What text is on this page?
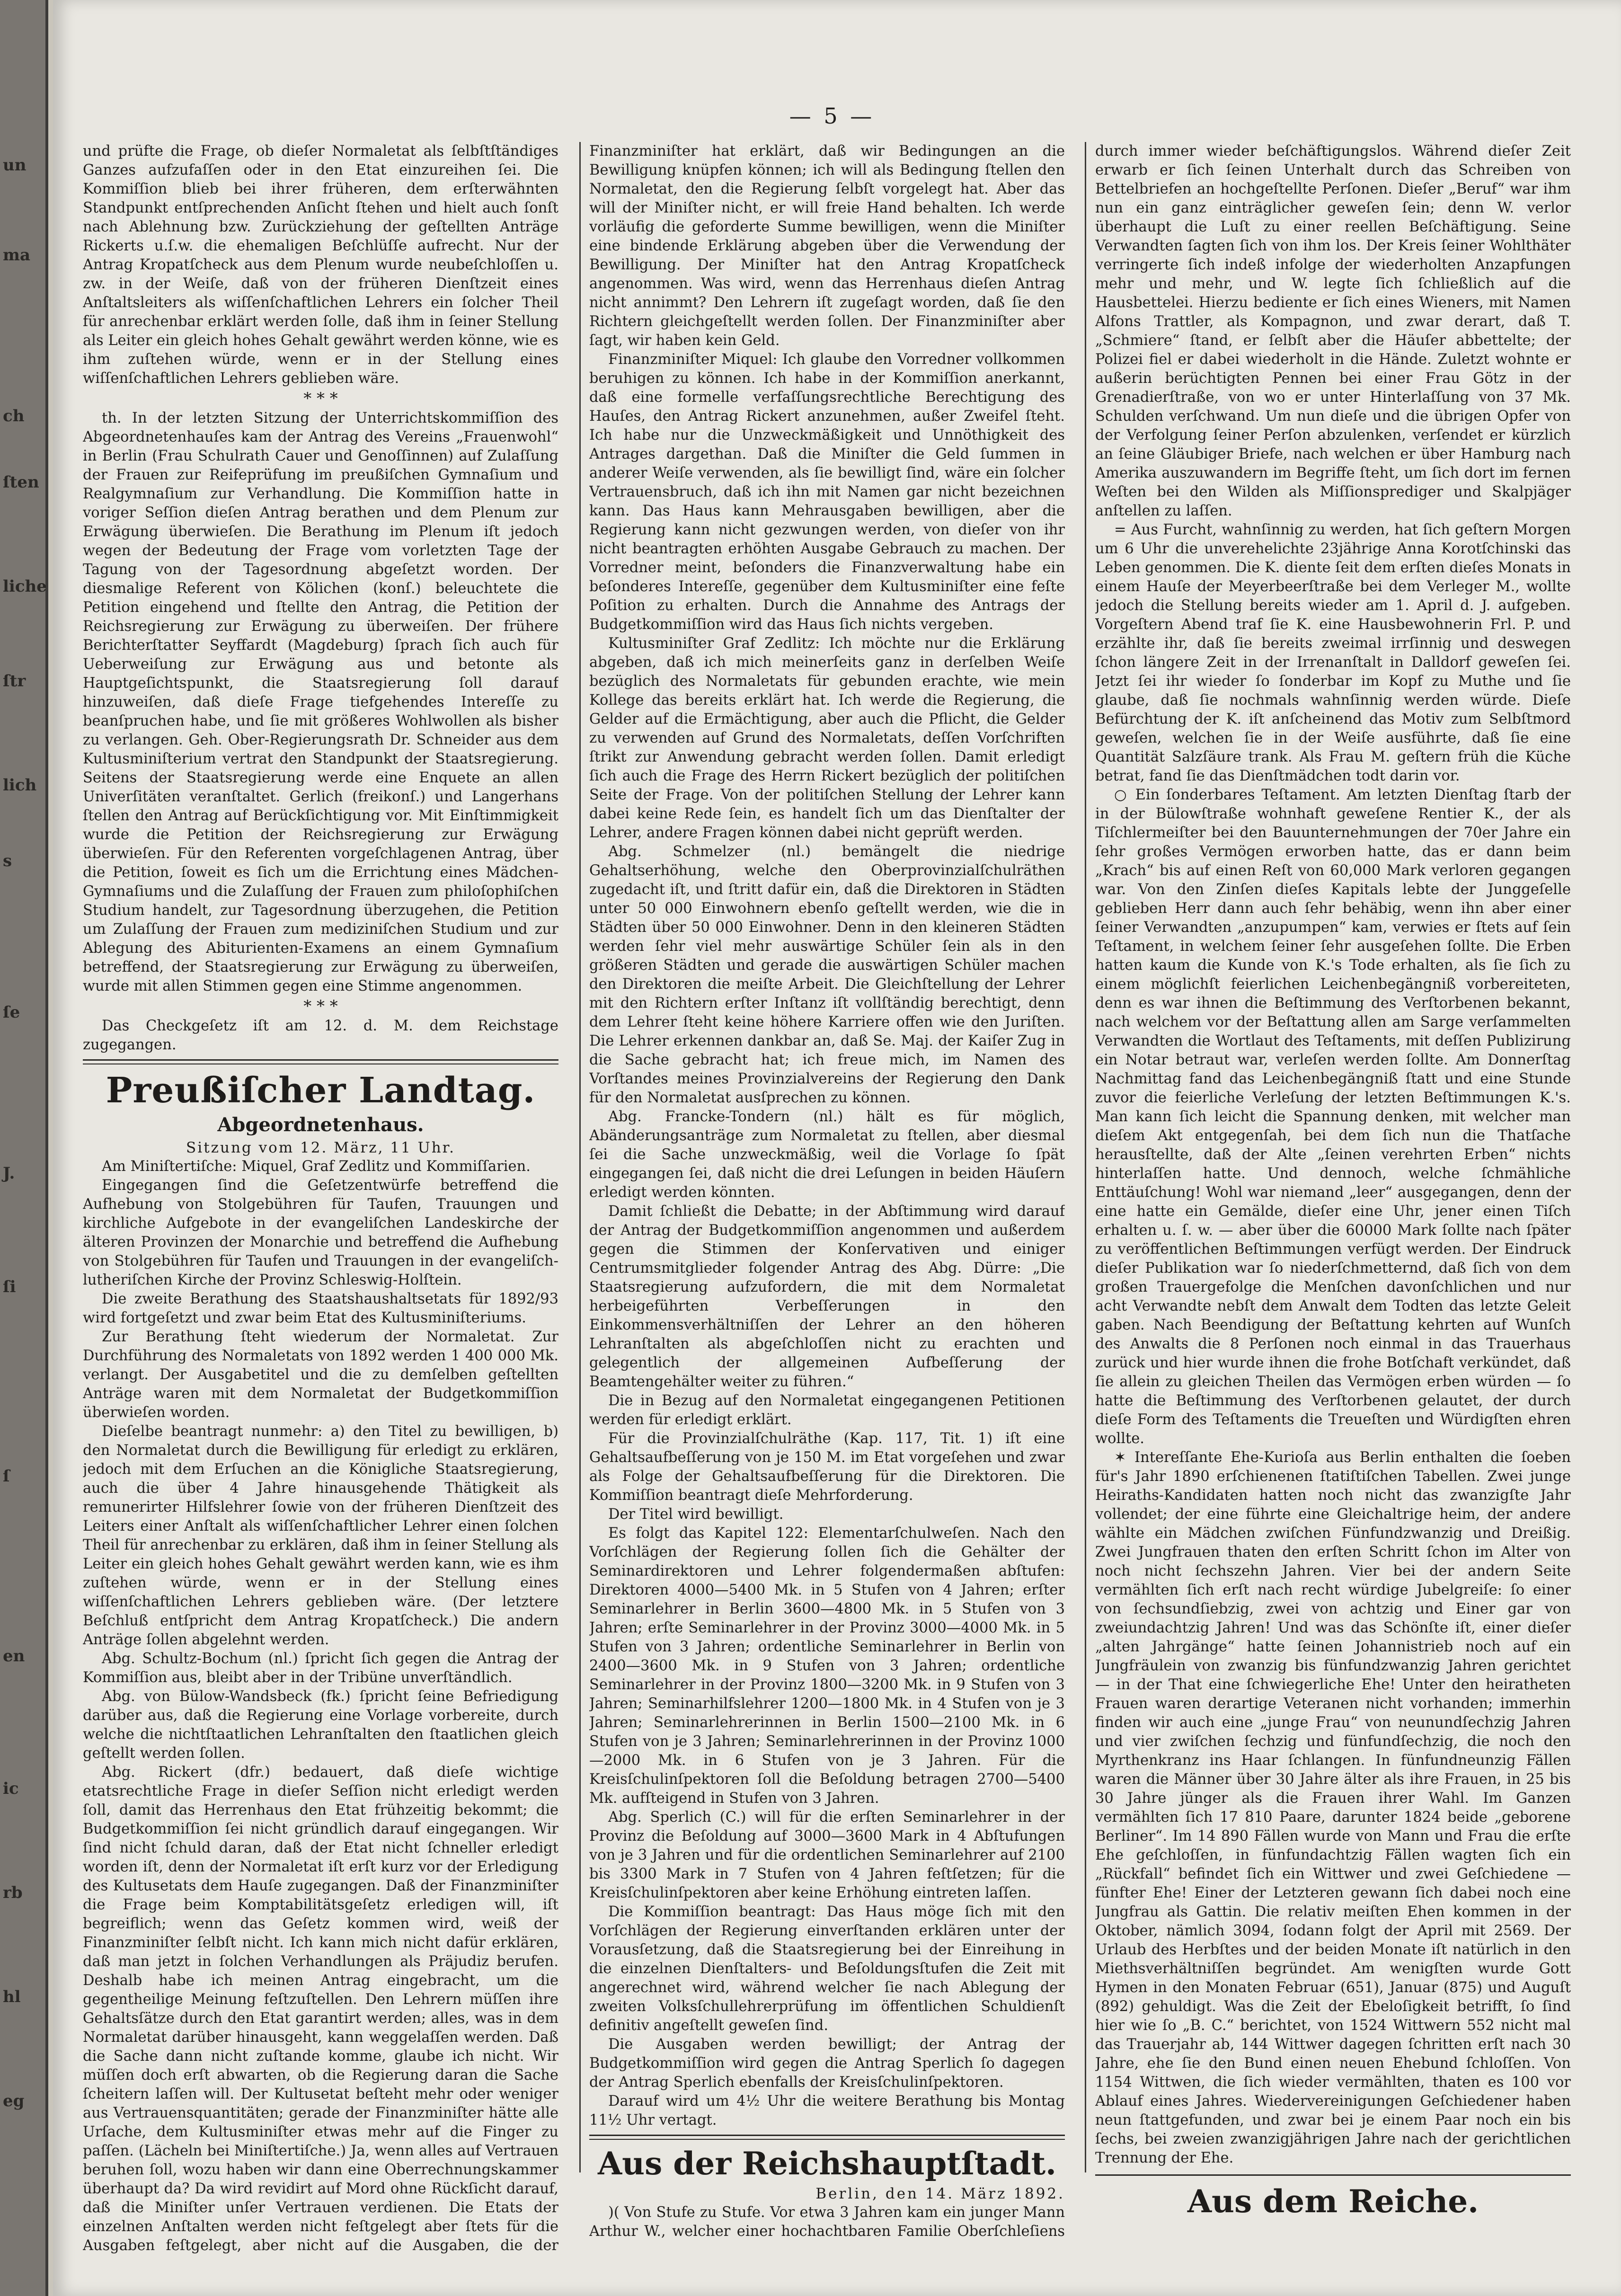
un
ma
ch
ſten
liche
ſtr
lich
s
ſe
J.
ſi
ſ
en
ic
rb
hl
eg
— 5 —

und prüfte die Frage, ob dieſer Normaletat als ſelbſtſtändiges Ganzes aufzufaſſen oder in den Etat einzureihen ſei. Die Kommiſſion blieb bei ihrer früheren, dem erſterwähnten Standpunkt entſprechenden Anſicht ſtehen und hielt auch ſonſt nach Ablehnung bzw. Zurückziehung der geſtellten Anträge Rickerts u.ſ.w. die ehemaligen Beſchlüſſe aufrecht. Nur der Antrag Kropatſcheck aus dem Plenum wurde neubeſchloſſen u. zw. in der Weiſe, daß von der früheren Dienſtzeit eines Anſtaltsleiters als wiſſenſchaftlichen Lehrers ein ſolcher Theil für anrechenbar erklärt werden ſolle, daß ihm in ſeiner Stellung als Leiter ein gleich hohes Gehalt gewährt werden könne, wie es ihm zuſtehen würde, wenn er in der Stellung eines wiſſenſchaftlichen Lehrers geblieben wäre.

* * *

th. In der letzten Sitzung der Unterrichtskommiſſion des Abgeordnetenhauſes kam der Antrag des Vereins „Frauenwohl“ in Berlin (Frau Schulrath Cauer und Genoſſinnen) auf Zulaſſung der Frauen zur Reifeprüfung im preußiſchen Gymnaſium und Realgymnaſium zur Verhandlung. Die Kommiſſion hatte in voriger Seſſion dieſen Antrag berathen und dem Plenum zur Erwägung überwieſen. Die Berathung im Plenum iſt jedoch wegen der Bedeutung der Frage vom vorletzten Tage der Tagung von der Tagesordnung abgeſetzt worden. Der diesmalige Referent von Kölichen (konſ.) beleuchtete die Petition eingehend und ſtellte den Antrag, die Petition der Reichsregierung zur Erwägung zu überweiſen. Der frühere Berichterſtatter Seyffardt (Magdeburg) ſprach ſich auch für Ueberweiſung zur Erwägung aus und betonte als Hauptgeſichtspunkt, die Staatsregierung ſoll darauf hinzuweiſen, daß dieſe Frage tiefgehendes Intereſſe zu beanſpruchen habe, und ſie mit größeres Wohlwollen als bisher zu verlangen. Geh. Ober-Regierungsrath Dr. Schneider aus dem Kultusminiſterium vertrat den Standpunkt der Staatsregierung. Seitens der Staatsregierung werde eine Enquete an allen Univerſitäten veranſtaltet. Gerlich (freikonſ.) und Langerhans ſtellen den Antrag auf Berückſichtigung vor. Mit Einſtimmigkeit wurde die Petition der Reichsregierung zur Erwägung überwieſen. Für den Referenten vorgeſchlagenen Antrag, über die Petition, ſoweit es ſich um die Errichtung eines Mädchen-Gymnaſiums und die Zulaſſung der Frauen zum philoſophiſchen Studium handelt, zur Tagesordnung überzugehen, die Petition um Zulaſſung der Frauen zum mediziniſchen Studium und zur Ablegung des Abiturienten-Examens an einem Gymnaſium betreffend, der Staatsregierung zur Erwägung zu überweiſen, wurde mit allen Stimmen gegen eine Stimme angenommen.

* * *

Das Checkgeſetz iſt am 12. d. M. dem Reichstage zugegangen.

Preußiſcher Landtag.
Abgeordnetenhaus.
Sitzung vom 12. März, 11 Uhr.

Am Miniſtertiſche: Miquel, Graf Zedlitz und Kommiſſarien.

Eingegangen ſind die Geſetzentwürfe betreffend die Aufhebung von Stolgebühren für Taufen, Trauungen und kirchliche Aufgebote in der evangeliſchen Landeskirche der älteren Provinzen der Monarchie und betreffend die Aufhebung von Stolgebühren für Taufen und Trauungen in der evangeliſch-lutheriſchen Kirche der Provinz Schleswig-Holſtein.

Die zweite Berathung des Staatshaushaltsetats für 1892/93 wird fortgeſetzt und zwar beim Etat des Kultusminiſteriums.

Zur Berathung ſteht wiederum der Normaletat. Zur Durchführung des Normaletats von 1892 werden 1 400 000 Mk. verlangt. Der Ausgabetitel und die zu demſelben geſtellten Anträge waren mit dem Normaletat der Budgetkommiſſion überwieſen worden.

Dieſelbe beantragt nunmehr: a) den Titel zu bewilligen, b) den Normaletat durch die Bewilligung für erledigt zu erklären, jedoch mit dem Erſuchen an die Königliche Staatsregierung, auch die über 4 Jahre hinausgehende Thätigkeit als remunerirter Hilfslehrer ſowie von der früheren Dienſtzeit des Leiters einer Anſtalt als wiſſenſchaftlicher Lehrer einen ſolchen Theil für anrechenbar zu erklären, daß ihm in ſeiner Stellung als Leiter ein gleich hohes Gehalt gewährt werden kann, wie es ihm zuſtehen würde, wenn er in der Stellung eines wiſſenſchaftlichen Lehrers geblieben wäre. (Der letztere Beſchluß entſpricht dem Antrag Kropatſcheck.) Die andern Anträge ſollen abgelehnt werden.

Abg. Schultz-Bochum (nl.) ſpricht ſich gegen die Antrag der Kommiſſion aus, bleibt aber in der Tribüne unverſtändlich.

Abg. von Bülow-Wandsbeck (fk.) ſpricht ſeine Befriedigung darüber aus, daß die Regierung eine Vorlage vorbereite, durch welche die nichtſtaatlichen Lehranſtalten den ſtaatlichen gleich geſtellt werden ſollen.

Abg. Rickert (dfr.) bedauert, daß dieſe wichtige etatsrechtliche Frage in dieſer Seſſion nicht erledigt werden ſoll, damit das Herrenhaus den Etat frühzeitig bekommt; die Budgetkommiſſion ſei nicht gründlich darauf eingegangen. Wir ſind nicht ſchuld daran, daß der Etat nicht ſchneller erledigt worden iſt, denn der Normaletat iſt erſt kurz vor der Erledigung des Kultusetats dem Hauſe zugegangen. Daß der Finanzminiſter die Frage beim Komptabilitätsgeſetz erledigen will, iſt begreiflich; wenn das Geſetz kommen wird, weiß der Finanzminiſter ſelbſt nicht. Ich kann mich nicht dafür erklären, daß man jetzt in ſolchen Verhandlungen als Präjudiz berufen. Deshalb habe ich meinen Antrag eingebracht, um die gegentheilige Meinung feſtzuſtellen. Den Lehrern müſſen ihre Gehaltsſätze durch den Etat garantirt werden; alles, was in dem Normaletat darüber hinausgeht, kann weggelaſſen werden. Daß die Sache dann nicht zuſtande komme, glaube ich nicht. Wir müſſen doch erſt abwarten, ob die Regierung daran die Sache ſcheitern laſſen will. Der Kultusetat beſteht mehr oder weniger aus Vertrauensquantitäten; gerade der Finanzminiſter hätte alle Urſache, dem Kultusminiſter etwas mehr auf die Finger zu paſſen. (Lächeln bei Miniſtertiſche.) Ja, wenn alles auf Vertrauen beruhen ſoll, wozu haben wir dann eine Oberrechnungskammer überhaupt da? Da wird revidirt auf Mord ohne Rückſicht darauf, daß die Miniſter unſer Vertrauen verdienen. Die Etats der einzelnen Anſtalten werden nicht feſtgelegt aber ſtets für die Ausgaben feſtgelegt, aber nicht auf die Ausgaben, die der

Finanzminiſter hat erklärt, daß wir Bedingungen an die Bewilligung knüpfen können; ich will als Bedingung ſtellen den Normaletat, den die Regierung ſelbſt vorgelegt hat. Aber das will der Miniſter nicht, er will freie Hand behalten. Ich werde vorläufig die geforderte Summe bewilligen, wenn die Miniſter eine bindende Erklärung abgeben über die Verwendung der Bewilligung. Der Miniſter hat den Antrag Kropatſcheck angenommen. Was wird, wenn das Herrenhaus dieſen Antrag nicht annimmt? Den Lehrern iſt zugeſagt worden, daß ſie den Richtern gleichgeſtellt werden ſollen. Der Finanzminiſter aber ſagt, wir haben kein Geld.

Finanzminiſter Miquel: Ich glaube den Vorredner vollkommen beruhigen zu können. Ich habe in der Kommiſſion anerkannt, daß eine formelle verfaſſungsrechtliche Berechtigung des Hauſes, den Antrag Rickert anzunehmen, außer Zweifel ſteht. Ich habe nur die Unzweckmäßigkeit und Unnöthigkeit des Antrages dargethan. Daß die Miniſter die Geld ſummen in anderer Weiſe verwenden, als ſie bewilligt ſind, wäre ein ſolcher Vertrauensbruch, daß ich ihn mit Namen gar nicht bezeichnen kann. Das Haus kann Mehrausgaben bewilligen, aber die Regierung kann nicht gezwungen werden, von dieſer von ihr nicht beantragten erhöhten Ausgabe Gebrauch zu machen. Der Vorredner meint, beſonders die Finanzverwaltung habe ein beſonderes Intereſſe, gegenüber dem Kultusminiſter eine feſte Poſition zu erhalten. Durch die Annahme des Antrags der Budgetkommiſſion wird das Haus ſich nichts vergeben.

Kultusminiſter Graf Zedlitz: Ich möchte nur die Erklärung abgeben, daß ich mich meinerſeits ganz in derſelben Weiſe bezüglich des Normaletats für gebunden erachte, wie mein Kollege das bereits erklärt hat. Ich werde die Regierung, die Gelder auf die Ermächtigung, aber auch die Pflicht, die Gelder zu verwenden auf Grund des Normaletats, deſſen Vorſchriften ſtrikt zur Anwendung gebracht werden ſollen. Damit erledigt ſich auch die Frage des Herrn Rickert bezüglich der politiſchen Seite der Frage. Von der politiſchen Stellung der Lehrer kann dabei keine Rede ſein, es handelt ſich um das Dienſtalter der Lehrer, andere Fragen können dabei nicht geprüft werden.

Abg. Schmelzer (nl.) bemängelt die niedrige Gehaltserhöhung, welche den Oberprovinzialſchulräthen zugedacht iſt, und ſtritt dafür ein, daß die Direktoren in Städten unter 50 000 Einwohnern ebenſo geſtellt werden, wie die in Städten über 50 000 Einwohner. Denn in den kleineren Städten werden ſehr viel mehr auswärtige Schüler ſein als in den größeren Städten und gerade die auswärtigen Schüler machen den Direktoren die meiſte Arbeit. Die Gleichſtellung der Lehrer mit den Richtern erſter Inſtanz iſt vollſtändig berechtigt, denn dem Lehrer ſteht keine höhere Karriere offen wie den Juriſten. Die Lehrer erkennen dankbar an, daß Se. Maj. der Kaiſer Zug in die Sache gebracht hat; ich freue mich, im Namen des Vorſtandes meines Provinzialvereins der Regierung den Dank für den Normaletat ausſprechen zu können.

Abg. Francke-Tondern (nl.) hält es für möglich, Abänderungsanträge zum Normaletat zu ſtellen, aber diesmal ſei die Sache unzweckmäßig, weil die Vorlage ſo ſpät eingegangen ſei, daß nicht die drei Leſungen in beiden Häuſern erledigt werden könnten.

Damit ſchließt die Debatte; in der Abſtimmung wird darauf der Antrag der Budgetkommiſſion angenommen und außerdem gegen die Stimmen der Konſervativen und einiger Centrumsmitglieder folgender Antrag des Abg. Dürre: „Die Staatsregierung aufzufordern, die mit dem Normaletat herbeigeführten Verbeſſerungen in den Einkommensverhältniſſen der Lehrer an den höheren Lehranſtalten als abgeſchloſſen nicht zu erachten und gelegentlich der allgemeinen Aufbeſſerung der Beamtengehälter weiter zu führen.“

Die in Bezug auf den Normaletat eingegangenen Petitionen werden für erledigt erklärt.

Für die Provinzialſchulräthe (Kap. 117, Tit. 1) iſt eine Gehaltsaufbeſſerung von je 150 M. im Etat vorgeſehen und zwar als Folge der Gehaltsaufbeſſerung für die Direktoren. Die Kommiſſion beantragt dieſe Mehrforderung.

Der Titel wird bewilligt.

Es folgt das Kapitel 122: Elementarſchulweſen. Nach den Vorſchlägen der Regierung ſollen ſich die Gehälter der Seminardirektoren und Lehrer folgendermaßen abſtufen: Direktoren 4000—5400 Mk. in 5 Stufen von 4 Jahren; erſter Seminarlehrer in Berlin 3600—4800 Mk. in 5 Stufen von 3 Jahren; erſte Seminarlehrer in der Provinz 3000—4000 Mk. in 5 Stufen von 3 Jahren; ordentliche Seminarlehrer in Berlin von 2400—3600 Mk. in 9 Stufen von 3 Jahren; ordentliche Seminarlehrer in der Provinz 1800—3200 Mk. in 9 Stufen von 3 Jahren; Seminarhilfslehrer 1200—1800 Mk. in 4 Stufen von je 3 Jahren; Seminarlehrerinnen in Berlin 1500—2100 Mk. in 6 Stufen von je 3 Jahren; Seminarlehrerinnen in der Provinz 1000—2000 Mk. in 6 Stufen von je 3 Jahren. Für die Kreisſchulinſpektoren ſoll die Beſoldung betragen 2700—5400 Mk. aufſteigend in Stufen von 3 Jahren.

Abg. Sperlich (C.) will für die erſten Seminarlehrer in der Provinz die Beſoldung auf 3000—3600 Mark in 4 Abſtufungen von je 3 Jahren und für die ordentlichen Seminarlehrer auf 2100 bis 3300 Mark in 7 Stufen von 4 Jahren feſtſetzen; für die Kreisſchulinſpektoren aber keine Erhöhung eintreten laſſen.

Die Kommiſſion beantragt: Das Haus möge ſich mit den Vorſchlägen der Regierung einverſtanden erklären unter der Vorausſetzung, daß die Staatsregierung bei der Einreihung in die einzelnen Dienſtalters- und Beſoldungsſtufen die Zeit mit angerechnet wird, während welcher ſie nach Ablegung der zweiten Volksſchullehrerprüfung im öffentlichen Schuldienſt definitiv angeſtellt geweſen ſind.

Die Ausgaben werden bewilligt; der Antrag der Budgetkommiſſion wird gegen die Antrag Sperlich ſo dagegen der Antrag Sperlich ebenfalls der Kreisſchulinſpektoren.

Darauf wird um 4½ Uhr die weitere Berathung bis Montag 11½ Uhr vertagt.

Aus der Reichshauptſtadt.
Berlin, den 14. März 1892.

)( Von Stufe zu Stufe. Vor etwa 3 Jahren kam ein junger Mann Arthur W., welcher einer hochachtbaren Familie Oberſchleſiens

durch immer wieder beſchäftigungslos. Während dieſer Zeit erwarb er ſich ſeinen Unterhalt durch das Schreiben von Bettelbriefen an hochgeſtellte Perſonen. Dieſer „Beruf“ war ihm nun ein ganz einträglicher geweſen ſein; denn W. verlor überhaupt die Luſt zu einer reellen Beſchäftigung. Seine Verwandten ſagten ſich von ihm los. Der Kreis ſeiner Wohlthäter verringerte ſich indeß infolge der wiederholten Anzapfungen mehr und mehr, und W. legte ſich ſchließlich auf die Hausbettelei. Hierzu bediente er ſich eines Wieners, mit Namen Alfons Trattler, als Kompagnon, und zwar derart, daß T. „Schmiere“ ſtand, er ſelbſt aber die Häuſer abbettelte; der Polizei fiel er dabei wiederholt in die Hände. Zuletzt wohnte er außerin berüchtigten Pennen bei einer Frau Götz in der Grenadierſtraße, von wo er unter Hinterlaſſung von 37 Mk. Schulden verſchwand. Um nun dieſe und die übrigen Opfer von der Verfolgung ſeiner Perſon abzulenken, verſendet er kürzlich an ſeine Gläubiger Briefe, nach welchen er über Hamburg nach Amerika auszuwandern im Begriffe ſteht, um ſich dort im fernen Weſten bei den Wilden als Miſſionsprediger und Skalpjäger anſtellen zu laſſen.

= Aus Furcht, wahnſinnig zu werden, hat ſich geſtern Morgen um 6 Uhr die unverehelichte 23jährige Anna Korotſchinski das Leben genommen. Die K. diente ſeit dem erſten dieſes Monats in einem Hauſe der Meyerbeerſtraße bei dem Verleger M., wollte jedoch die Stellung bereits wieder am 1. April d. J. aufgeben. Vorgeſtern Abend traf ſie K. eine Hausbewohnerin Frl. P. und erzählte ihr, daß ſie bereits zweimal irrſinnig und deswegen ſchon längere Zeit in der Irrenanſtalt in Dalldorf geweſen ſei. Jetzt ſei ihr wieder ſo ſonderbar im Kopf zu Muthe und ſie glaube, daß ſie nochmals wahnſinnig werden würde. Dieſe Befürchtung der K. iſt anſcheinend das Motiv zum Selbſtmord geweſen, welchen ſie in der Weiſe ausführte, daß ſie eine Quantität Salzſäure trank. Als Frau M. geſtern früh die Küche betrat, fand ſie das Dienſtmädchen todt darin vor.

○ Ein ſonderbares Teſtament. Am letzten Dienſtag ſtarb der in der Bülowſtraße wohnhaft geweſene Rentier K., der als Tiſchlermeiſter bei den Bauunternehmungen der 70er Jahre ein ſehr großes Vermögen erworben hatte, das er dann beim „Krach“ bis auf einen Reſt von 60,000 Mark verloren gegangen war. Von den Zinſen dieſes Kapitals lebte der Junggeſelle geblieben Herr dann auch ſehr behäbig, wenn ihn aber einer ſeiner Verwandten „anzupumpen“ kam, verwies er ſtets auf ſein Teſtament, in welchem ſeiner ſehr ausgeſehen ſollte. Die Erben hatten kaum die Kunde von K.'s Tode erhalten, als ſie ſich zu einem möglichſt feierlichen Leichenbegängniß vorbereiteten, denn es war ihnen die Beſtimmung des Verſtorbenen bekannt, nach welchem vor der Beſtattung allen am Sarge verſammelten Verwandten die Wortlaut des Teſtaments, mit deſſen Publizirung ein Notar betraut war, verleſen werden ſollte. Am Donnerſtag Nachmittag fand das Leichenbegängniß ſtatt und eine Stunde zuvor die feierliche Verleſung der letzten Beſtimmungen K.'s. Man kann ſich leicht die Spannung denken, mit welcher man dieſem Akt entgegenſah, bei dem ſich nun die Thatſache herausſtellte, daß der Alte „ſeinen verehrten Erben“ nichts hinterlaſſen hatte. Und dennoch, welche ſchmähliche Enttäuſchung! Wohl war niemand „leer“ ausgegangen, denn der eine hatte ein Gemälde, dieſer eine Uhr, jener einen Tiſch erhalten u. ſ. w. — aber über die 60000 Mark ſollte nach ſpäter zu veröffentlichen Beſtimmungen verfügt werden. Der Eindruck dieſer Publikation war ſo niederſchmetternd, daß ſich von dem großen Trauergefolge die Menſchen davonſchlichen und nur acht Verwandte nebſt dem Anwalt dem Todten das letzte Geleit gaben. Nach Beendigung der Beſtattung kehrten auf Wunſch des Anwalts die 8 Perſonen noch einmal in das Trauerhaus zurück und hier wurde ihnen die frohe Botſchaft verkündet, daß ſie allein zu gleichen Theilen das Vermögen erben würden — ſo hatte die Beſtimmung des Verſtorbenen gelautet, der durch dieſe Form des Teſtaments die Treueſten und Würdigſten ehren wollte.

✶ Intereſſante Ehe-Kurioſa aus Berlin enthalten die ſoeben für's Jahr 1890 erſchienenen ſtatiſtiſchen Tabellen. Zwei junge Heiraths-Kandidaten hatten noch nicht das zwanzigſte Jahr vollendet; der eine führte eine Gleichaltrige heim, der andere wählte ein Mädchen zwiſchen Fünfundzwanzig und Dreißig. Zwei Jungfrauen thaten den erſten Schritt ſchon im Alter von noch nicht ſechszehn Jahren. Vier bei der andern Seite vermählten ſich erſt nach recht würdige Jubelgreiſe: ſo einer von ſechsundſiebzig, zwei von achtzig und Einer gar von zweiundachtzig Jahren! Und was das Schönſte iſt, einer dieſer „alten Jahrgänge“ hatte ſeinen Johannistrieb noch auf ein Jungfräulein von zwanzig bis fünfundzwanzig Jahren gerichtet — in der That eine ſchwiegerliche Ehe! Unter den heiratheten Frauen waren derartige Veteranen nicht vorhanden; immerhin finden wir auch eine „junge Frau“ von neunundſechzig Jahren und vier zwiſchen ſechzig und fünfundſechzig, die noch den Myrthenkranz ins Haar ſchlangen. In fünfundneunzig Fällen waren die Männer über 30 Jahre älter als ihre Frauen, in 25 bis 30 Jahre jünger als die Frauen ihrer Wahl. Im Ganzen vermählten ſich 17 810 Paare, darunter 1824 beide „geborene Berliner“. Im 14 890 Fällen wurde von Mann und Frau die erſte Ehe geſchloſſen, in fünfundachtzig Fällen wagten ſich ein „Rückfall“ befindet ſich ein Wittwer und zwei Geſchiedene — fünfter Ehe! Einer der Letzteren gewann ſich dabei noch eine Jungfrau als Gattin. Die relativ meiſten Ehen kommen in der Oktober, nämlich 3094, ſodann folgt der April mit 2569. Der Urlaub des Herbſtes und der beiden Monate iſt natürlich in den Miethsverhältniſſen begründet. Am wenigſten wurde Gott Hymen in den Monaten Februar (651), Januar (875) und Auguſt (892) gehuldigt. Was die Zeit der Ebeloſigkeit betrifft, ſo ſind hier wie ſo „B. C.“ berichtet, von 1524 Wittwern 552 nicht mal das Trauerjahr ab, 144 Wittwer dagegen ſchritten erſt nach 30 Jahre, ehe ſie den Bund einen neuen Ehebund ſchloſſen. Von 1154 Wittwen, die ſich wieder vermählten, thaten es 100 vor Ablauf eines Jahres. Wiedervereinigungen Geſchiedener haben neun ſtattgefunden, und zwar bei je einem Paar noch ein bis ſechs, bei zweien zwanzigjährigen Jahre nach der gerichtlichen Trennung der Ehe.

Aus dem Reiche.
